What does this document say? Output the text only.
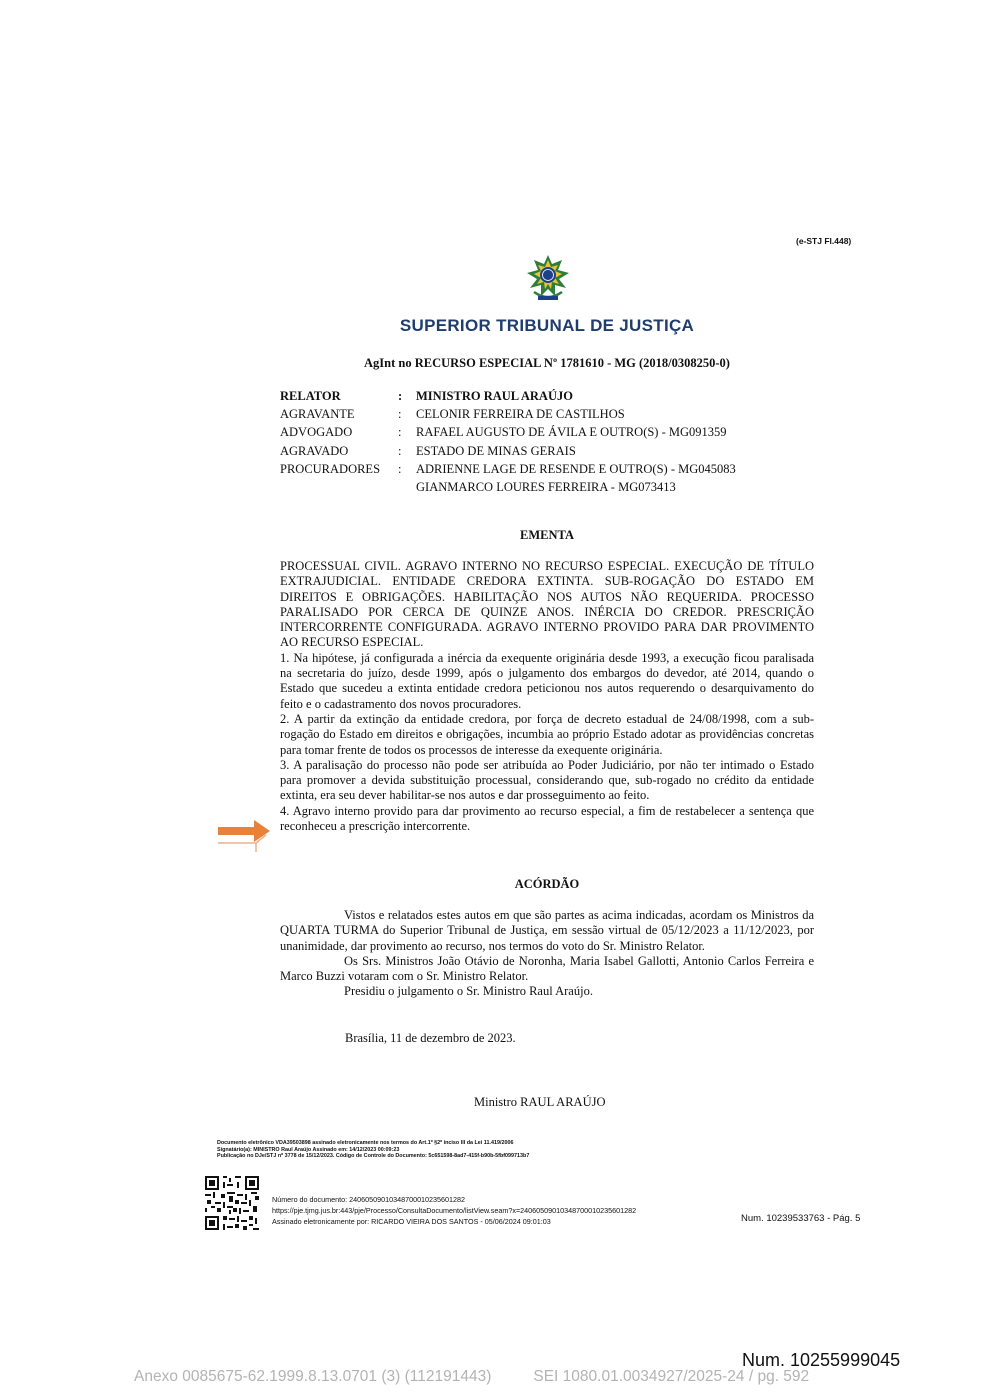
(e-STJ Fl.448)
SUPERIOR TRIBUNAL DE JUSTIÇA
AgInt no RECURSO ESPECIAL Nº 1781610 - MG (2018/0308250-0)
RELATOR	:	MINISTRO RAUL ARAÚJO
AGRAVANTE	:	CELONIR FERREIRA DE CASTILHOS
ADVOGADO	:	RAFAEL AUGUSTO DE ÁVILA E OUTRO(S) - MG091359
AGRAVADO	:	ESTADO DE MINAS GERAIS
PROCURADORES	:	ADRIENNE LAGE DE RESENDE E OUTRO(S) - MG045083
GIANMARCO LOURES FERREIRA - MG073413
EMENTA

PROCESSUAL CIVIL. AGRAVO INTERNO NO RECURSO ESPECIAL. EXECUÇÃO DE TÍTULO EXTRAJUDICIAL. ENTIDADE CREDORA EXTINTA. SUB-ROGAÇÃO DO ESTADO EM DIREITOS E OBRIGAÇÕES. HABILITAÇÃO NOS AUTOS NÃO REQUERIDA. PROCESSO PARALISADO POR CERCA DE QUINZE ANOS. INÉRCIA DO CREDOR. PRESCRIÇÃO INTERCORRENTE CONFIGURADA. AGRAVO INTERNO PROVIDO PARA DAR PROVIMENTO AO RECURSO ESPECIAL.

1. Na hipótese, já configurada a inércia da exequente originária desde 1993, a execução ficou paralisada na secretaria do juízo, desde 1999, após o julgamento dos embargos do devedor, até 2014, quando o Estado que sucedeu a extinta entidade credora peticionou nos autos requerendo o desarquivamento do feito e o cadastramento dos novos procuradores.

2. A partir da extinção da entidade credora, por força de decreto estadual de 24/08/1998, com a sub-rogação do Estado em direitos e obrigações, incumbia ao próprio Estado adotar as providências concretas para tomar frente de todos os processos de interesse da exequente originária.

3. A paralisação do processo não pode ser atribuída ao Poder Judiciário, por não ter intimado o Estado para promover a devida substituição processual, considerando que, sub-rogado no crédito da entidade extinta, era seu dever habilitar-se nos autos e dar prosseguimento ao feito.

4. Agravo interno provido para dar provimento ao recurso especial, a fim de restabelecer a sentença que reconheceu a prescrição intercorrente.

ACÓRDÃO

Vistos e relatados estes autos em que são partes as acima indicadas, acordam os Ministros da QUARTA TURMA do Superior Tribunal de Justiça, em sessão virtual de 05/12/2023 a 11/12/2023, por unanimidade, dar provimento ao recurso, nos termos do voto do Sr. Ministro Relator.

Os Srs. Ministros João Otávio de Noronha, Maria Isabel Gallotti, Antonio Carlos Ferreira e Marco Buzzi votaram com o Sr. Ministro Relator.

Presidiu o julgamento o Sr. Ministro Raul Araújo.

Brasília, 11 de dezembro de 2023.
Ministro RAUL ARAÚJO
Documento eletrônico VDA39503898 assinado eletronicamente nos termos do Art.1º §2º inciso III da Lei 11.419/2006
Signatário(a): MINISTRO Raul Araújo Assinado em: 14/12/2023 00:09:23
Publicação no DJe/STJ nº 3778 de 15/12/2023. Código de Controle do Documento: 5c651598-8ad7-415f-b90b-5fbf099713b7
Número do documento: 24060509010348700010235601282
https://pje.tjmg.jus.br:443/pje/Processo/ConsultaDocumento/listView.seam?x=24060509010348700010235601282
Assinado eletronicamente por: RICARDO VIEIRA DOS SANTOS - 05/06/2024 09:01:03	Num. 10239533763 - Pág. 5
Num. 10255999045
Anexo 0085675-62.1999.8.13.0701 (3) (112191443)	SEI 1080.01.0034927/2025-24 / pg. 592
